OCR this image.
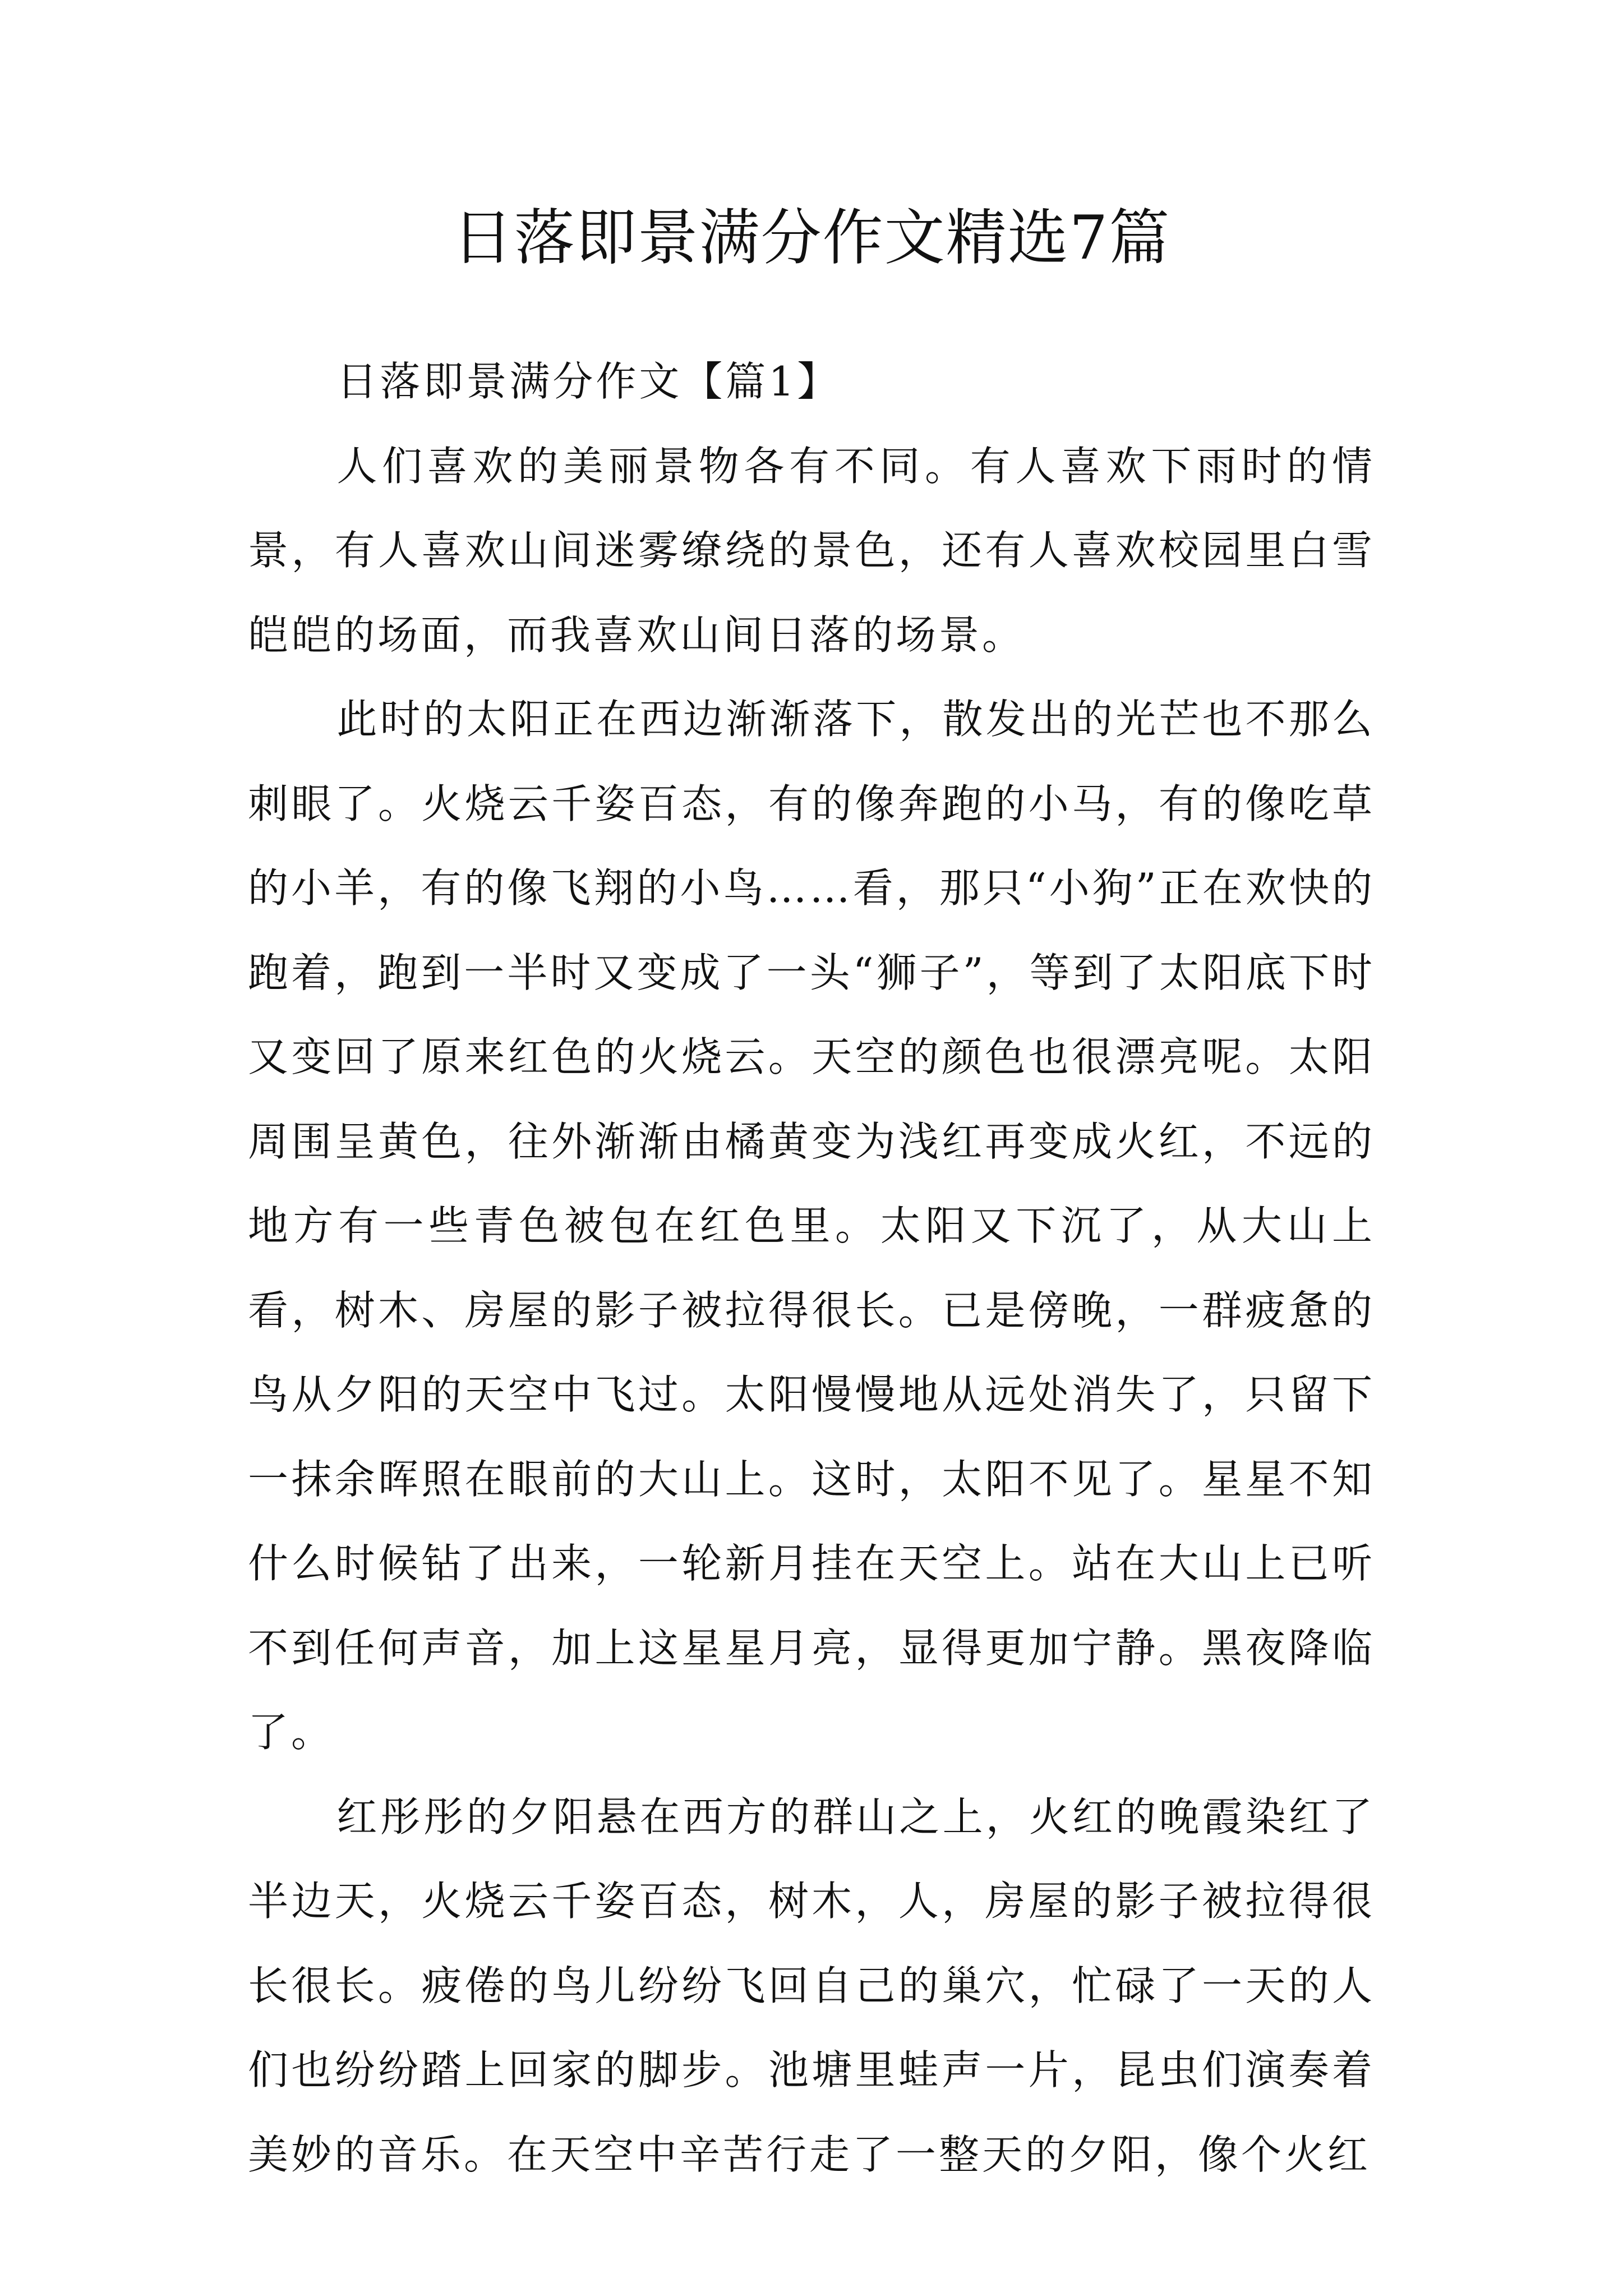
日落即景满分作文精选7篇

日落即景满分作文【篇1】

人们喜欢的美丽景物各有不同。有人喜欢下雨时的情景，有人喜欢山间迷雾缭绕的景色，还有人喜欢校园里白雪皑皑的场面，而我喜欢山间日落的场景。

此时的太阳正在西边渐渐落下，散发出的光芒也不那么刺眼了。火烧云千姿百态，有的像奔跑的小马，有的像吃草的小羊，有的像飞翔的小鸟……看，那只“小狗”正在欢快的跑着，跑到一半时又变成了一头“狮子”，等到了太阳底下时又变回了原来红色的火烧云。天空的颜色也很漂亮呢。太阳周围呈黄色，往外渐渐由橘黄变为浅红再变成火红，不远的地方有一些青色被包在红色里。太阳又下沉了，从大山上看，树木、房屋的影子被拉得很长。已是傍晚，一群疲惫的鸟从夕阳的天空中飞过。太阳慢慢地从远处消失了，只留下一抹余晖照在眼前的大山上。这时，太阳不见了。星星不知什么时候钻了出来，一轮新月挂在天空上。站在大山上已听不到任何声音，加上这星星月亮，显得更加宁静。黑夜降临了。

红彤彤的夕阳悬在西方的群山之上，火红的晚霞染红了半边天，火烧云千姿百态，树木，人，房屋的影子被拉得很长很长。疲倦的鸟儿纷纷飞回自己的巢穴，忙碌了一天的人们也纷纷踏上回家的脚步。池塘里蛙声一片，昆虫们演奏着美妙的音乐。在天空中辛苦行走了一整天的夕阳，像个火红
